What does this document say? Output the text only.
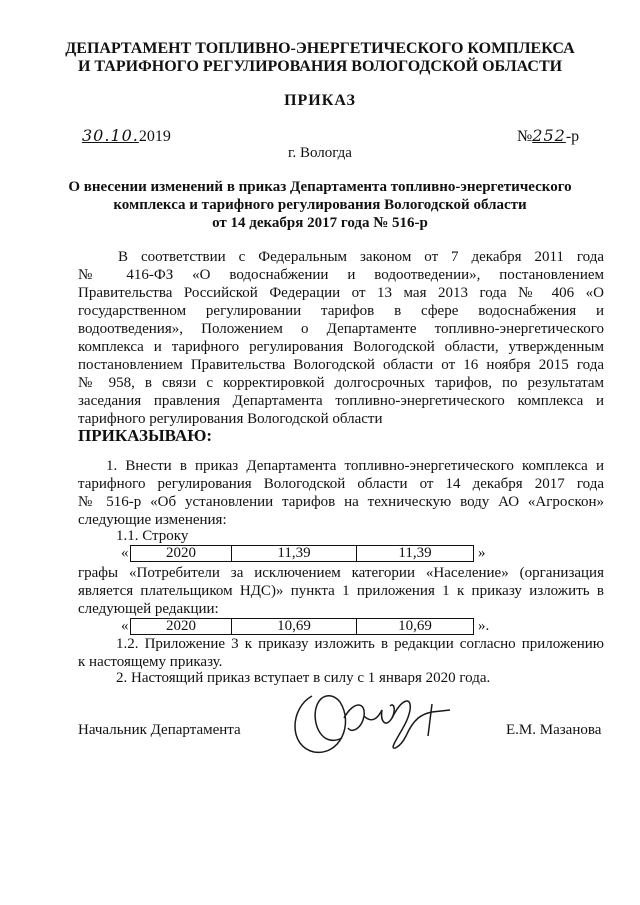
ДЕПАРТАМЕНТ ТОПЛИВНО-ЭНЕРГЕТИЧЕСКОГО КОМПЛЕКСА
И ТАРИФНОГО РЕГУЛИРОВАНИЯ ВОЛОГОДСКОЙ ОБЛАСТИ
ПРИКАЗ
30.10.2019	№252-р
г. Вологда
О внесении изменений в приказ Департамента топливно-энергетического
комплекса и тарифного регулирования Вологодской области
от 14 декабря 2017 года № 516-р
В соответствии с Федеральным законом от 7 декабря 2011 года
№ 416-ФЗ «О водоснабжении и водоотведении», постановлением
Правительства Российской Федерации от 13 мая 2013 года № 406 «О
государственном регулировании тарифов в сфере водоснабжения и
водоотведения», Положением о Департаменте топливно-энергетического
комплекса и тарифного регулирования Вологодской области, утвержденным
постановлением Правительства Вологодской области от 16 ноября 2015 года
№ 958, в связи с корректировкой долгосрочных тарифов, по результатам
заседания правления Департамента топливно-энергетического комплекса и
тарифного регулирования Вологодской области
ПРИКАЗЫВАЮ:
1. Внести в приказ Департамента топливно-энергетического комплекса и
тарифного регулирования Вологодской области от 14 декабря 2017 года
№ 516-р «Об установлении тарифов на техническую воду АО «Агроскон»
следующие изменения:
1.1. Строку
«	2020	11,39	11,39	»
графы «Потребители за исключением категории «Население» (организация
является плательщиком НДС)» пункта 1 приложения 1 к приказу изложить в
следующей редакции:
«	2020	10,69	10,69	».
1.2. Приложение 3 к приказу изложить в редакции согласно приложению
к настоящему приказу.
2. Настоящий приказ вступает в силу с 1 января 2020 года.
Начальник Департамента	Е.М. Мазанова
